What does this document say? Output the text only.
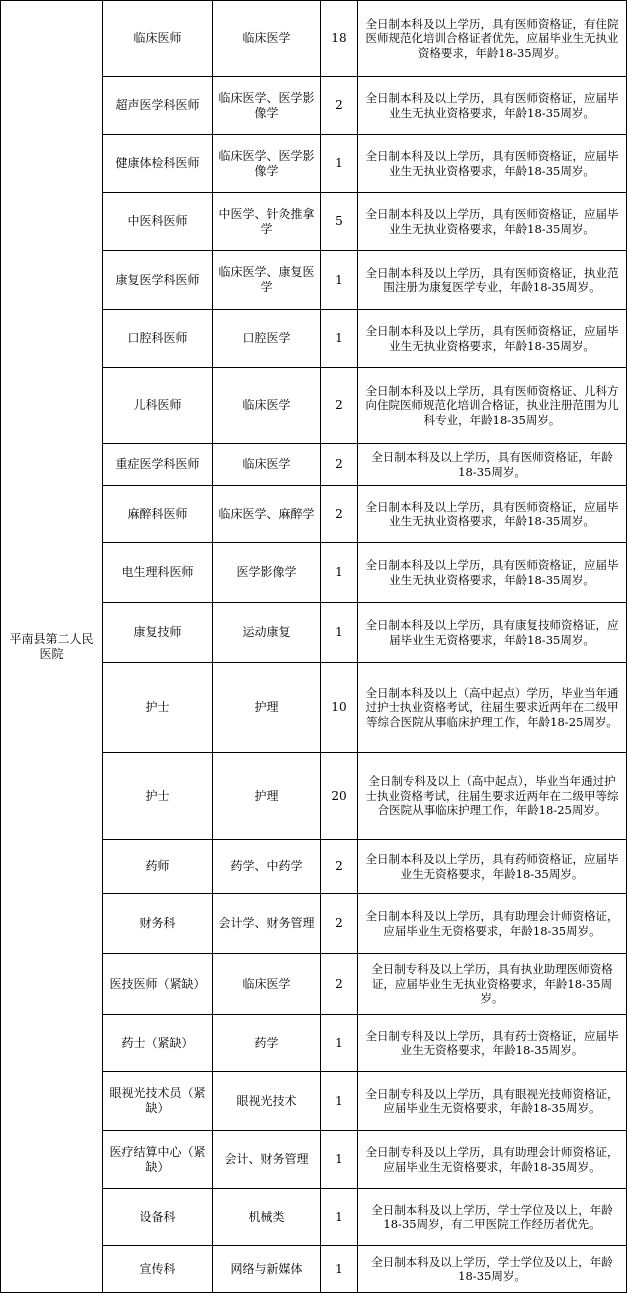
平南县第二人民医院	临床医师	临床医学	18	全日制本科及以上学历，具有医师资格证，有住院医师规范化培训合格证者优先，应届毕业生无执业资格要求，年龄18-35周岁。
	超声医学科医师	临床医学、医学影像学	2	全日制本科及以上学历，具有医师资格证，应届毕业生无执业资格要求，年龄18-35周岁。
	健康体检科医师	临床医学、医学影像学	1	全日制本科及以上学历，具有医师资格证，应届毕业生无执业资格要求，年龄18-35周岁。
	中医科医师	中医学、针灸推拿学	5	全日制本科及以上学历，具有医师资格证，应届毕业生无执业资格要求，年龄18-35周岁。
	康复医学科医师	临床医学、康复医学	1	全日制本科及以上学历，具有医师资格证，执业范围注册为康复医学专业，年龄18-35周岁。
	口腔科医师	口腔医学	1	全日制本科及以上学历，具有医师资格证，应届毕业生无执业资格要求，年龄18-35周岁。
	儿科医师	临床医学	2	全日制本科及以上学历，具有医师资格证、儿科方向住院医师规范化培训合格证，执业注册范围为儿科专业，年龄18-35周岁。
	重症医学科医师	临床医学	2	全日制本科及以上学历，具有医师资格证，年龄18-35周岁。
	麻醉科医师	临床医学、麻醉学	2	全日制本科及以上学历，具有医师资格证，应届毕业生无执业资格要求，年龄18-35周岁。
	电生理科医师	医学影像学	1	全日制本科及以上学历，具有医师资格证，应届毕业生无执业资格要求，年龄18-35周岁。
	康复技师	运动康复	1	全日制本科及以上学历，具有康复技师资格证，应届毕业生无资格要求，年龄18-35周岁。
	护士	护理	10	全日制本科及以上（高中起点）学历，毕业当年通过护士执业资格考试，往届生要求近两年在二级甲等综合医院从事临床护理工作，年龄18-25周岁。
	护士	护理	20	全日制专科及以上（高中起点），毕业当年通过护士执业资格考试，往届生要求近两年在二级甲等综合医院从事临床护理工作，年龄18-25周岁。
	药师	药学、中药学	2	全日制本科及以上学历，具有药师资格证，应届毕业生无资格要求，年龄18-35周岁。
	财务科	会计学、财务管理	2	全日制本科及以上学历，具有助理会计师资格证，应届毕业生无资格要求，年龄18-35周岁。
	医技医师（紧缺）	临床医学	2	全日制专科及以上学历，具有执业助理医师资格证，应届毕业生无执业资格要求，年龄18-35周岁。
	药士（紧缺）	药学	1	全日制专科及以上学历，具有药士资格证，应届毕业生无资格要求，年龄18-35周岁。
	眼视光技术员（紧缺）	眼视光技术	1	全日制专科及以上学历，具有眼视光技师资格证，应届毕业生无资格要求，年龄18-35周岁。
	医疗结算中心（紧缺）	会计、财务管理	1	全日制专科及以上学历，具有助理会计师资格证，应届毕业生无资格要求，年龄18-35周岁。
	设备科	机械类	1	全日制本科及以上学历，学士学位及以上，年龄18-35周岁，有二甲医院工作经历者优先。
	宣传科	网络与新媒体	1	全日制本科及以上学历，学士学位及以上，年龄18-35周岁。
